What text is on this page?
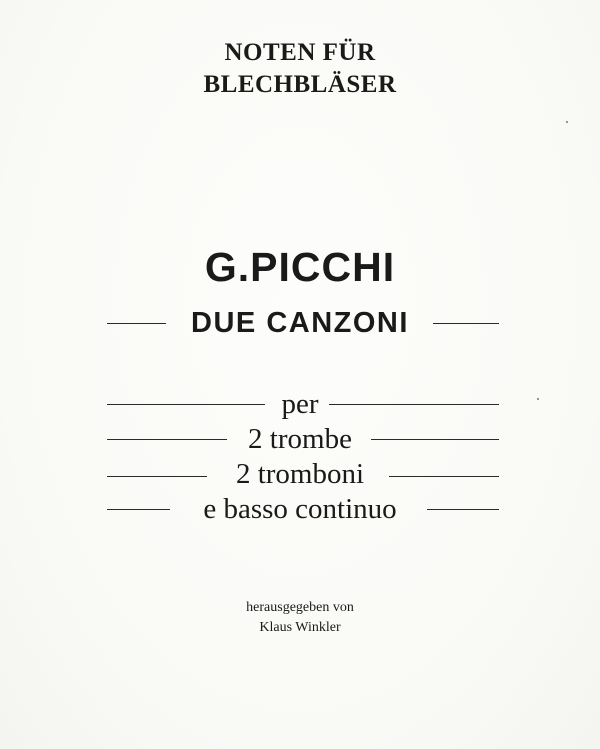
NOTEN FÜR
BLECHBLÄSER
G.PICCHI
DUE CANZONI
per
2 trombe
2 tromboni
e basso continuo
herausgegeben von
Klaus Winkler
